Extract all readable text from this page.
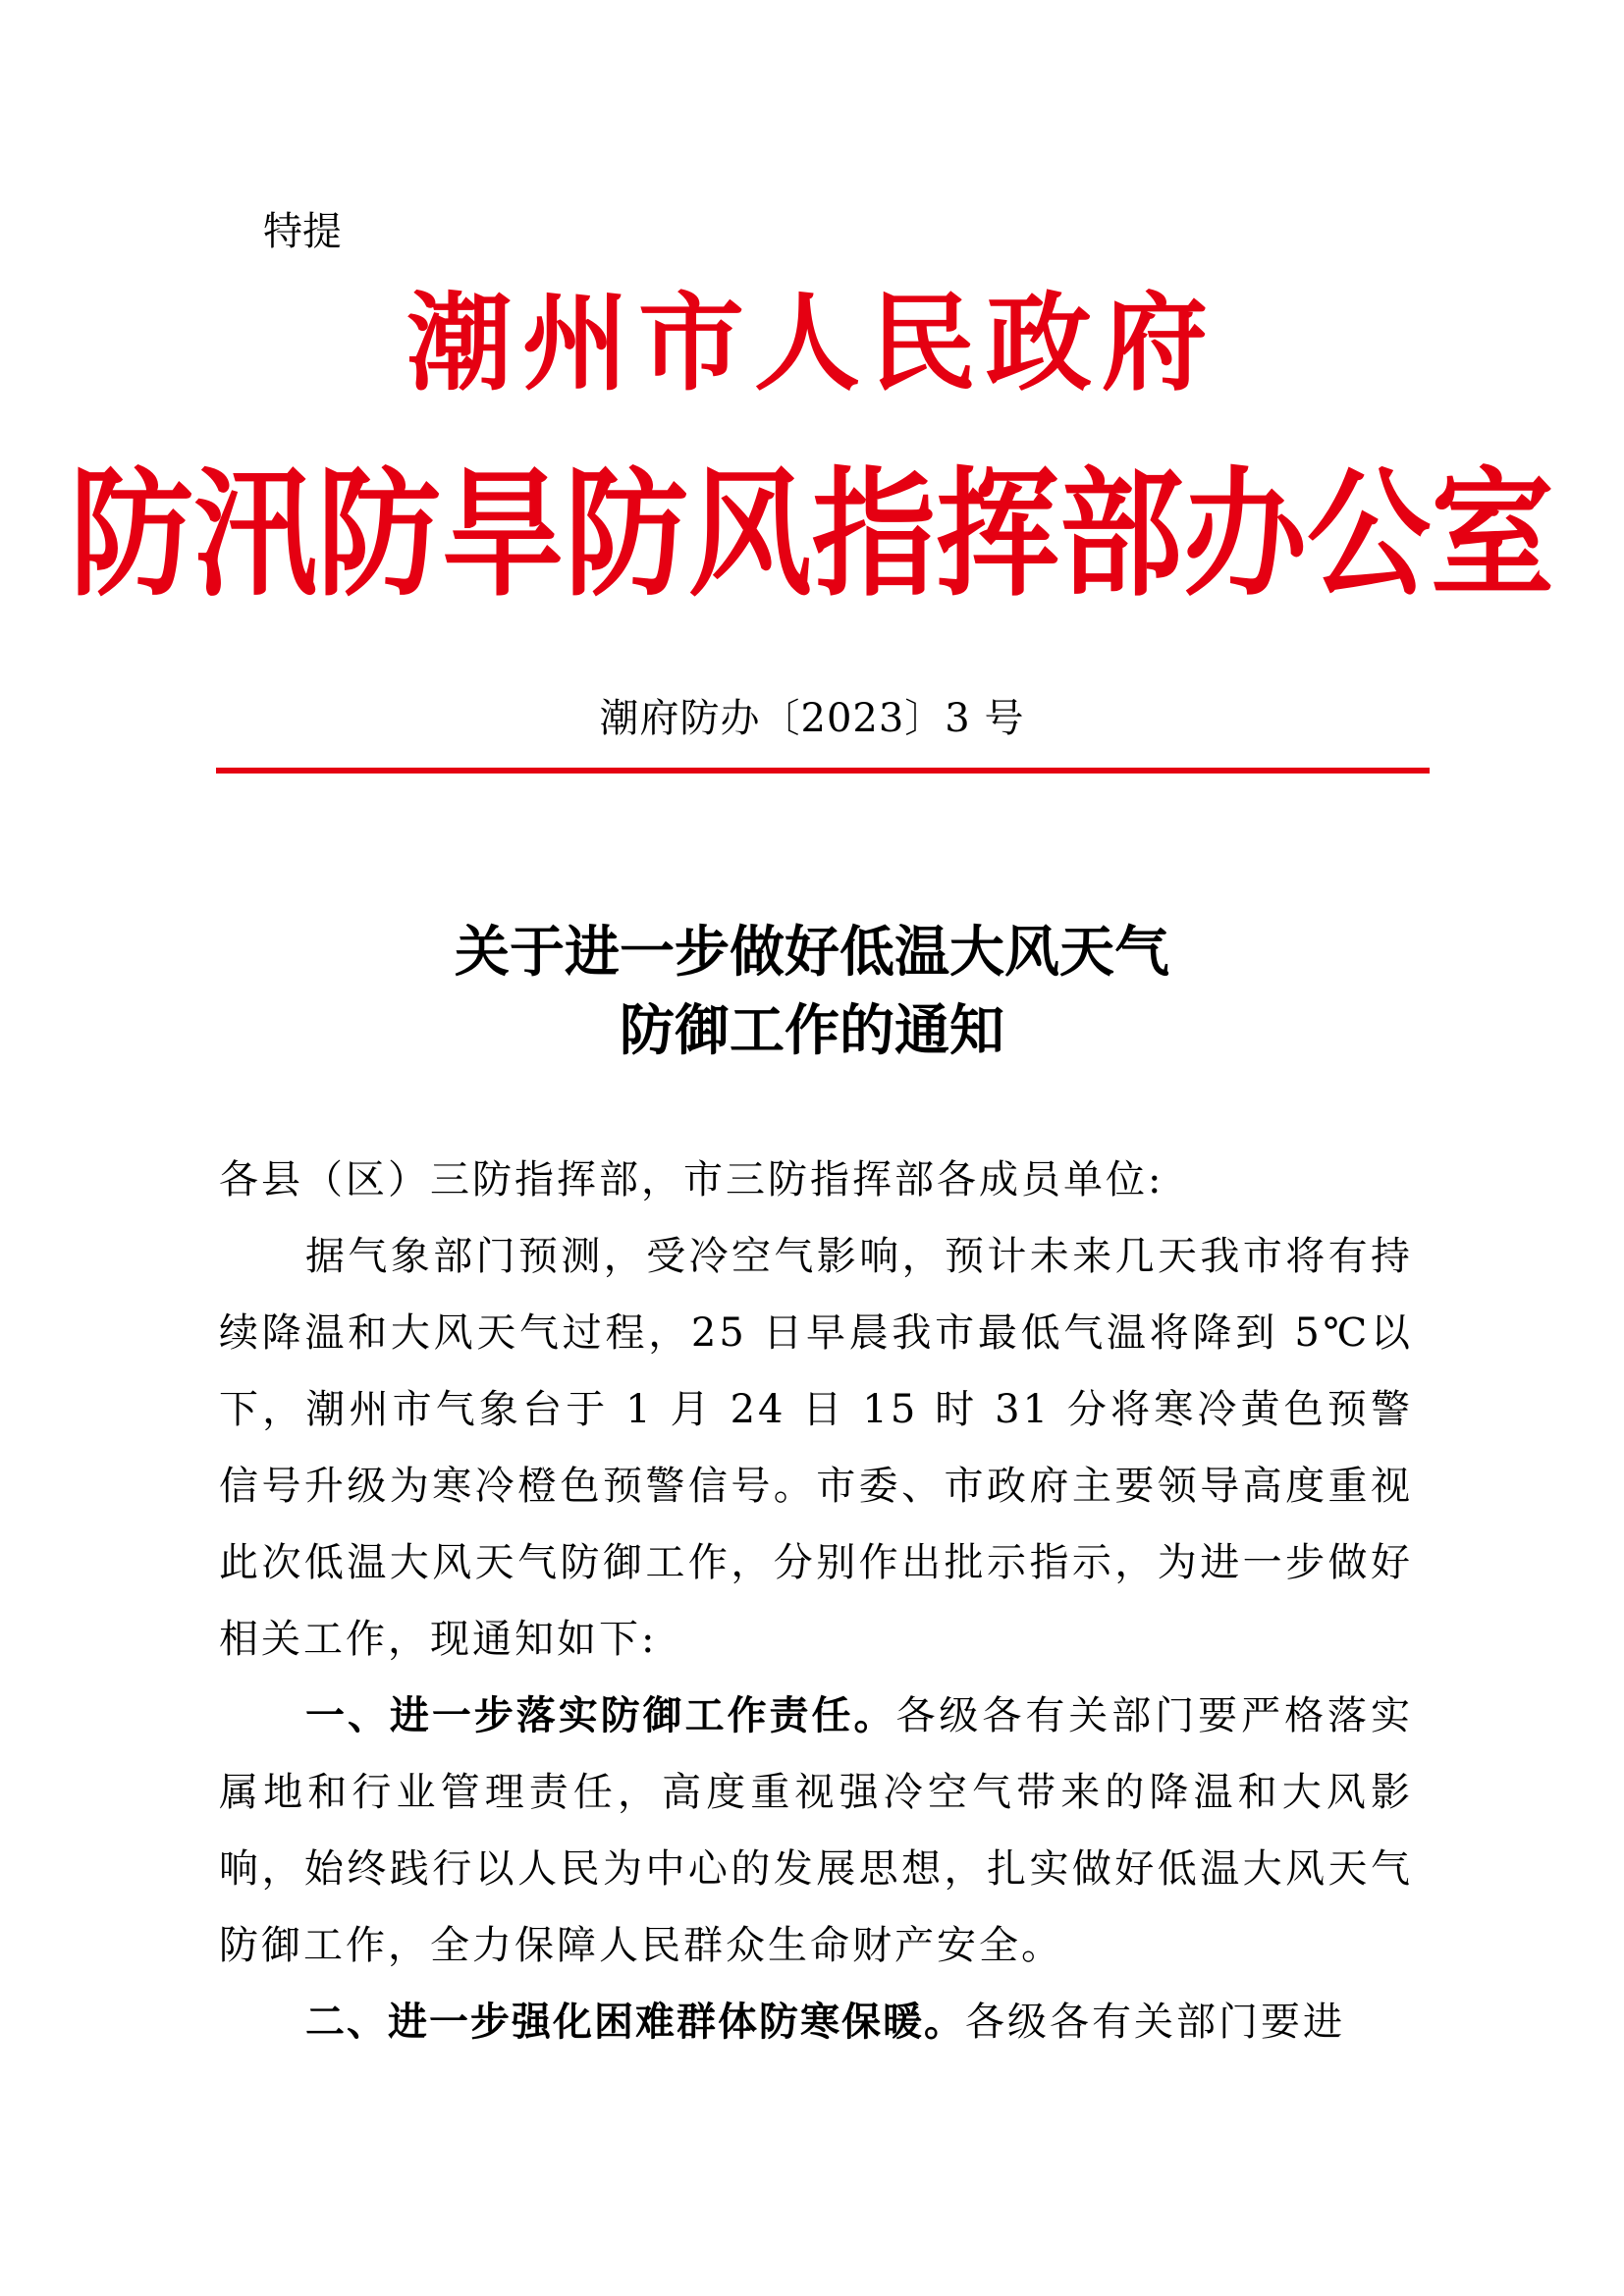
特提
潮州市人民政府
防汛防旱防风指挥部办公室
潮府防办〔2023〕3 号
关于进一步做好低温大风天气
防御工作的通知
各县（区）三防指挥部，市三防指挥部各成员单位:
据气象部门预测，受冷空气影响，预计未来几天我市将有持续降温和大风天气过程，25 日早晨我市最低气温将降到 5℃以下，潮州市气象台于 1 月 24 日 15 时 31 分将寒冷黄色预警信号升级为寒冷橙色预警信号。市委、市政府主要领导高度重视此次低温大风天气防御工作，分别作出批示指示，为进一步做好相关工作，现通知如下:
一、进一步落实防御工作责任。各级各有关部门要严格落实属地和行业管理责任，高度重视强冷空气带来的降温和大风影响，始终践行以人民为中心的发展思想，扎实做好低温大风天气防御工作，全力保障人民群众生命财产安全。
二、进一步强化困难群体防寒保暖。各级各有关部门要进
